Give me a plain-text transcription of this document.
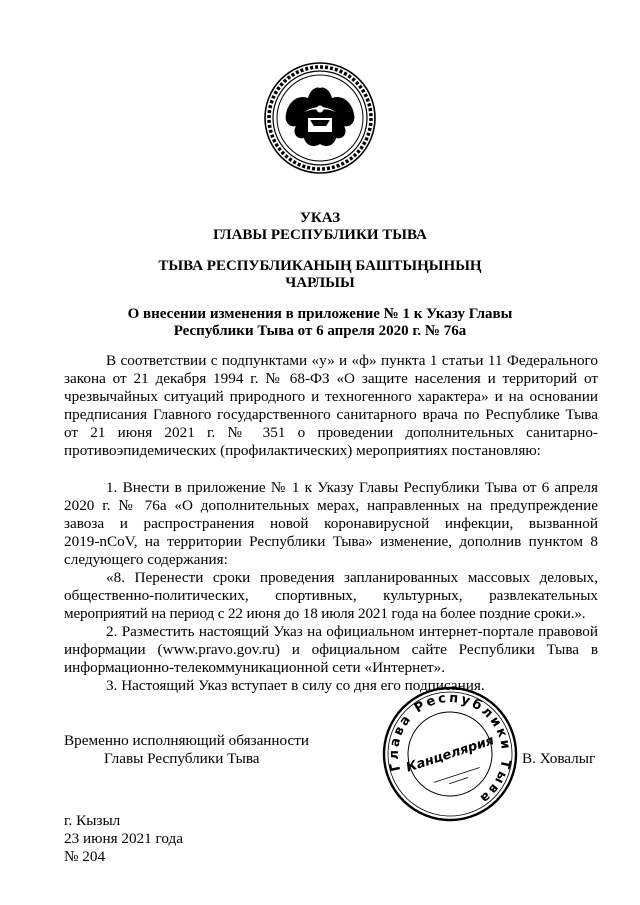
УКАЗ
ГЛАВЫ РЕСПУБЛИКИ ТЫВА
ТЫВА РЕСПУБЛИКАНЫҢ БАШТЫҢЫНЫҢ
ЧАРЛЫЫ
О внесении изменения в приложение № 1 к Указу Главы
Республики Тыва от 6 апреля 2020 г. № 76а
В соответствии с подпунктами «у» и «ф» пункта 1 статьи 11 Федерального
закона от 21 декабря 1994 г. № 68-ФЗ «О защите населения и территорий от
чрезвычайных ситуаций природного и техногенного характера» и на основании
предписания Главного государственного санитарного врача по Республике Тыва
от 21 июня 2021 г. № 351 о проведении дополнительных санитарно-
противоэпидемических (профилактических) мероприятиях постановляю:
1. Внести в приложение № 1 к Указу Главы Республики Тыва от 6 апреля
2020 г. № 76а «О дополнительных мерах, направленных на предупреждение
завоза и распространения новой коронавирусной инфекции, вызванной
2019-nCoV, на территории Республики Тыва» изменение, дополнив пунктом 8
следующего содержания:
«8. Перенести сроки проведения запланированных массовых деловых,
общественно-политических, спортивных, культурных, развлекательных
мероприятий на период с 22 июня до 18 июля 2021 года на более поздние сроки.».
2. Разместить настоящий Указ на официальном интернет-портале правовой
информации (www.pravo.gov.ru) и официальном сайте Республики Тыва в
информационно-телекоммуникационной сети «Интернет».
3. Настоящий Указ вступает в силу со дня его подписания.
Временно исполняющий обязанности
Главы Республики Тыва	В. Ховалыг
Глава Республики Тыва
Канцелярия
г. Кызыл
23 июня 2021 года
№ 204
